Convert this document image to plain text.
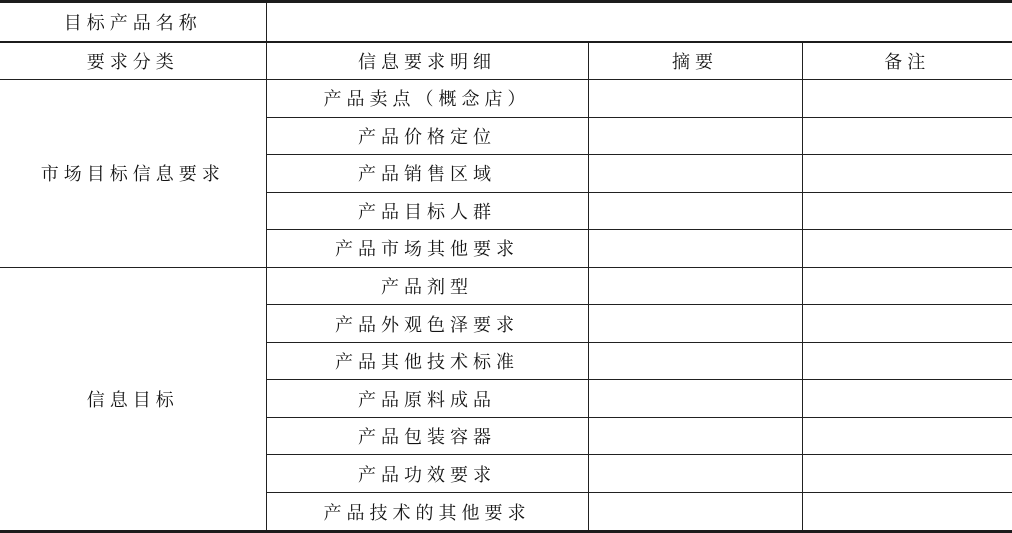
目标产品名称			
要求分类	信息要求明细	摘要	备注
市场目标信息要求	产品卖点（概念店）		
	产品价格定位		
	产品销售区域		
	产品目标人群		
	产品市场其他要求		
信息目标	产品剂型		
	产品外观色泽要求		
	产品其他技术标准		
	产品原料成品		
	产品包装容器		
	产品功效要求		
	产品技术的其他要求		
